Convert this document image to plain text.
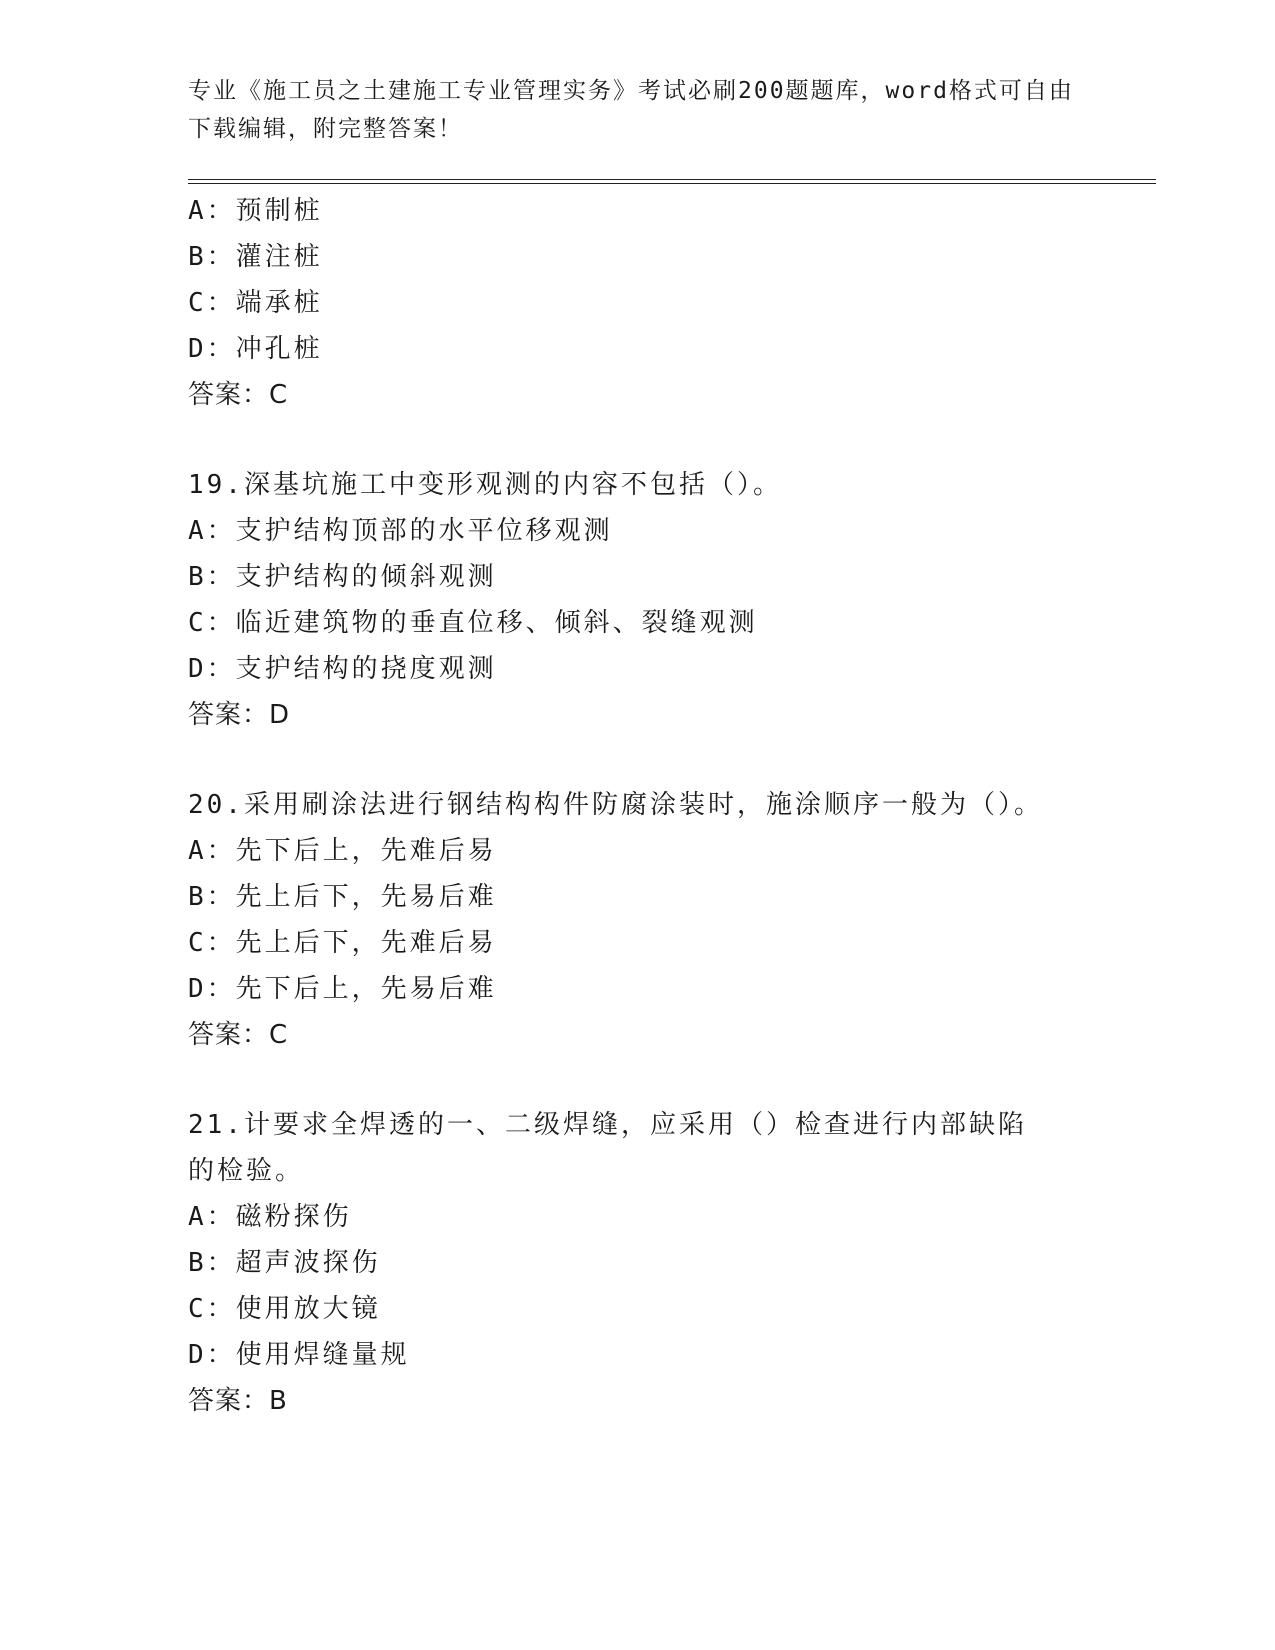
专业《施工员之土建施工专业管理实务》考试必刷200题题库，word格式可自由下载编辑，附完整答案！
A：预制桩
B：灌注桩
C：端承桩
D：冲孔桩
答案：C
19.深基坑施工中变形观测的内容不包括（）。
A：支护结构顶部的水平位移观测
B：支护结构的倾斜观测
C：临近建筑物的垂直位移、倾斜、裂缝观测
D：支护结构的挠度观测
答案：D
20.采用刷涂法进行钢结构构件防腐涂装时，施涂顺序一般为（）。
A：先下后上，先难后易
B：先上后下，先易后难
C：先上后下，先难后易
D：先下后上，先易后难
答案：C
21.计要求全焊透的一、二级焊缝，应采用（）检查进行内部缺陷的检验。
A：磁粉探伤
B：超声波探伤
C：使用放大镜
D：使用焊缝量规
答案：B
